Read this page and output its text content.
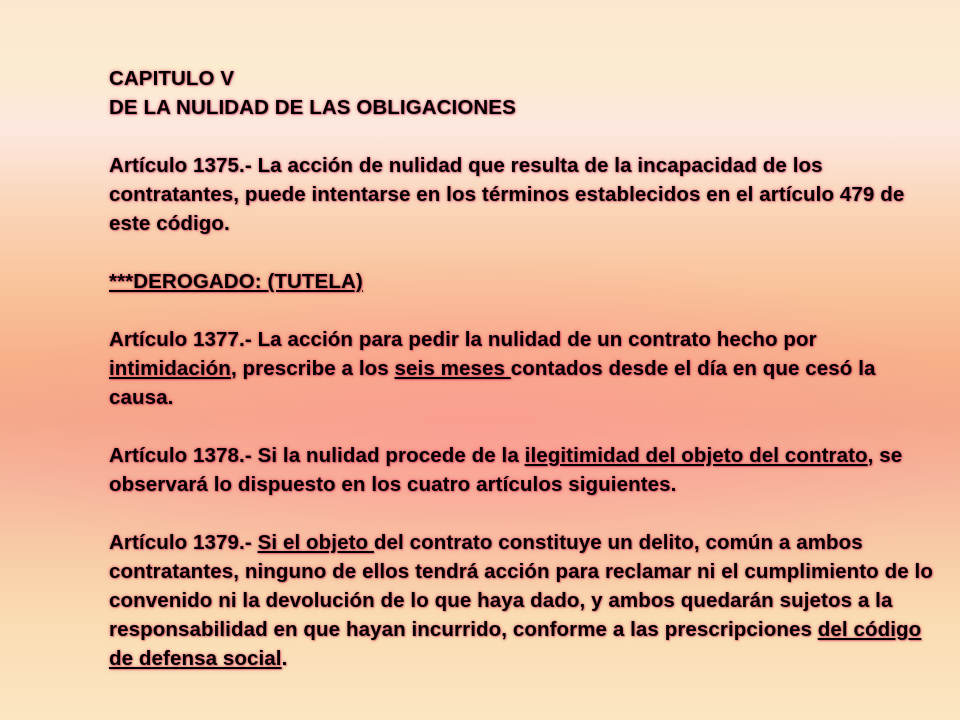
CAPITULO V

DE LA NULIDAD DE LAS OBLIGACIONES

Artículo 1375.- La acción de nulidad que resulta de la incapacidad de los contratantes, puede intentarse en los términos establecidos en el artículo 479 de este código.

***DEROGADO: (TUTELA)

Artículo 1377.- La acción para pedir la nulidad de un contrato hecho por intimidación, prescribe a los seis meses contados desde el día en que cesó la causa.

Artículo 1378.- Si la nulidad procede de la ilegitimidad del objeto del contrato, se observará lo dispuesto en los cuatro artículos siguientes.

Artículo 1379.- Si el objeto del contrato constituye un delito, común a ambos contratantes, ninguno de ellos tendrá acción para reclamar ni el cumplimiento de lo convenido ni la devolución de lo que haya dado, y ambos quedarán sujetos a la responsabilidad en que hayan incurrido, conforme a las prescripciones del código de defensa social.
